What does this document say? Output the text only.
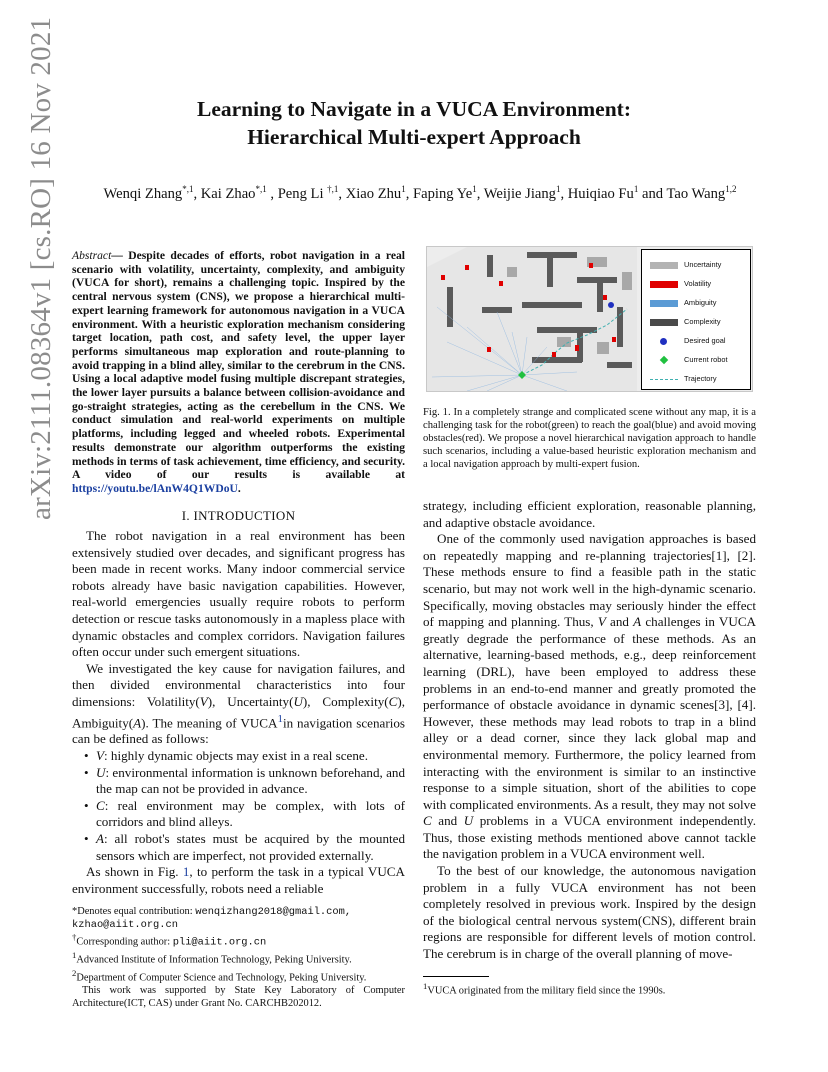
arXiv:2111.08364v1 [cs.RO] 16 Nov 2021	Learning to Navigate in a VUCA Environment:
Hierarchical Multi-expert Approach
Wenqi Zhang$^{*,1}$, Kai Zhao$^{*,1}$ , Peng Li $^{\dagger,1}$, Xiao Zhu$^1$, Faping Ye$^1$, Weijie Jiang$^1$, Huiqiao Fu$^1$ and Tao Wang$^{1,2}$
Abstract— Despite decades of efforts, robot navigation in a real scenario with volatility, uncertainty, complexity, and ambiguity (VUCA for short), remains a challenging topic. Inspired by the central nervous system (CNS), we propose a hierarchical multi-expert learning framework for autonomous navigation in a VUCA environment. With a heuristic exploration mechanism considering target location, path cost, and safety level, the upper layer performs simultaneous map exploration and route-planning to avoid trapping in a blind alley, similar to the cerebrum in the CNS. Using a local adaptive model fusing multiple discrepant strategies, the lower layer pursuits a balance between collision-avoidance and go-straight strategies, acting as the cerebellum in the CNS. We conduct simulation and real-world experiments on multiple platforms, including legged and wheeled robots. Experimental results demonstrate our algorithm outperforms the existing methods in terms of task achievement, time efficiency, and security. A video of our results is available at https://youtu.be/lAnW4Q1WDoU.
I. INTRODUCTION

The robot navigation in a real environment has been extensively studied over decades, and significant progress has been made in recent works. Many indoor commercial service robots already have basic navigation capabilities. However, real-world emergencies usually require robots to perform detection or rescue tasks autonomously in a mapless place with dynamic obstacles and complex corridors. Navigation failures often occur under such emergent situations.

We investigated the key cause for navigation failures, and then divided environmental characteristics into four dimensions: Volatility(V), Uncertainty(U), Complexity(C), Ambiguity(A). The meaning of VUCA$^1$in navigation scenarios can be defined as follows:

• V: highly dynamic objects may exist in a real scene.
• U: environmental information is unknown beforehand, and the map can not be provided in advance.
• C: real environment may be complex, with lots of corridors and blind alleys.
• A: all robot's states must be acquired by the mounted sensors which are imperfect, not provided externally.

As shown in Fig. 1, to perform the task in a typical VUCA environment successfully, robots need a reliable

*Denotes equal contribution: wenqizhang2018@gmail.com,
kzhao@aiit.org.cn
†Corresponding author: pli@aiit.org.cn
$^1$Advanced Institute of Information Technology, Peking University.
$^2$Department of Computer Science and Technology, Peking University.
This work was supported by State Key Laboratory of Computer Architecture(ICT, CAS) under Grant No. CARCHB202012.
Uncertainty
Volatility
Ambiguity
Complexity
Desired goal
Current robot
Trajectory
Fig. 1. In a completely strange and complicated scene without any map, it is a challenging task for the robot(green) to reach the goal(blue) and avoid moving obstacles(red). We propose a novel hierarchical navigation approach to handle such scenarios, including a value-based heuristic exploration mechanism and a local navigation approach by multi-expert fusion.

strategy, including efficient exploration, reasonable planning, and adaptive obstacle avoidance.

One of the commonly used navigation approaches is based on repeatedly mapping and re-planning trajectories[1], [2]. These methods ensure to find a feasible path in the static scenario, but may not work well in the high-dynamic scenario. Specifically, moving obstacles may seriously hinder the effect of mapping and planning. Thus, V and A challenges in VUCA greatly degrade the performance of these methods. As an alternative, learning-based methods, e.g., deep reinforcement learning (DRL), have been employed to address these problems in an end-to-end manner and greatly promoted the performance of obstacle avoidance in dynamic scenes[3], [4]. However, these methods may lead robots to trap in a blind alley or a dead corner, since they lack global map and environmental memory. Furthermore, the policy learned from interacting with the environment is similar to an instinctive response to a simple situation, short of the abilities to cope with complicated environments. As a result, they may not solve C and U problems in a VUCA environment independently. Thus, those existing methods mentioned above cannot tackle the navigation problem in a VUCA environment well.

To the best of our knowledge, the autonomous navigation problem in a fully VUCA environment has not been completely resolved in previous work. Inspired by the design of the biological central nervous system(CNS), different brain regions are responsible for different levels of motion control. The cerebrum is in charge of the overall planning of move-

$^1$VUCA originated from the military field since the 1990s.
